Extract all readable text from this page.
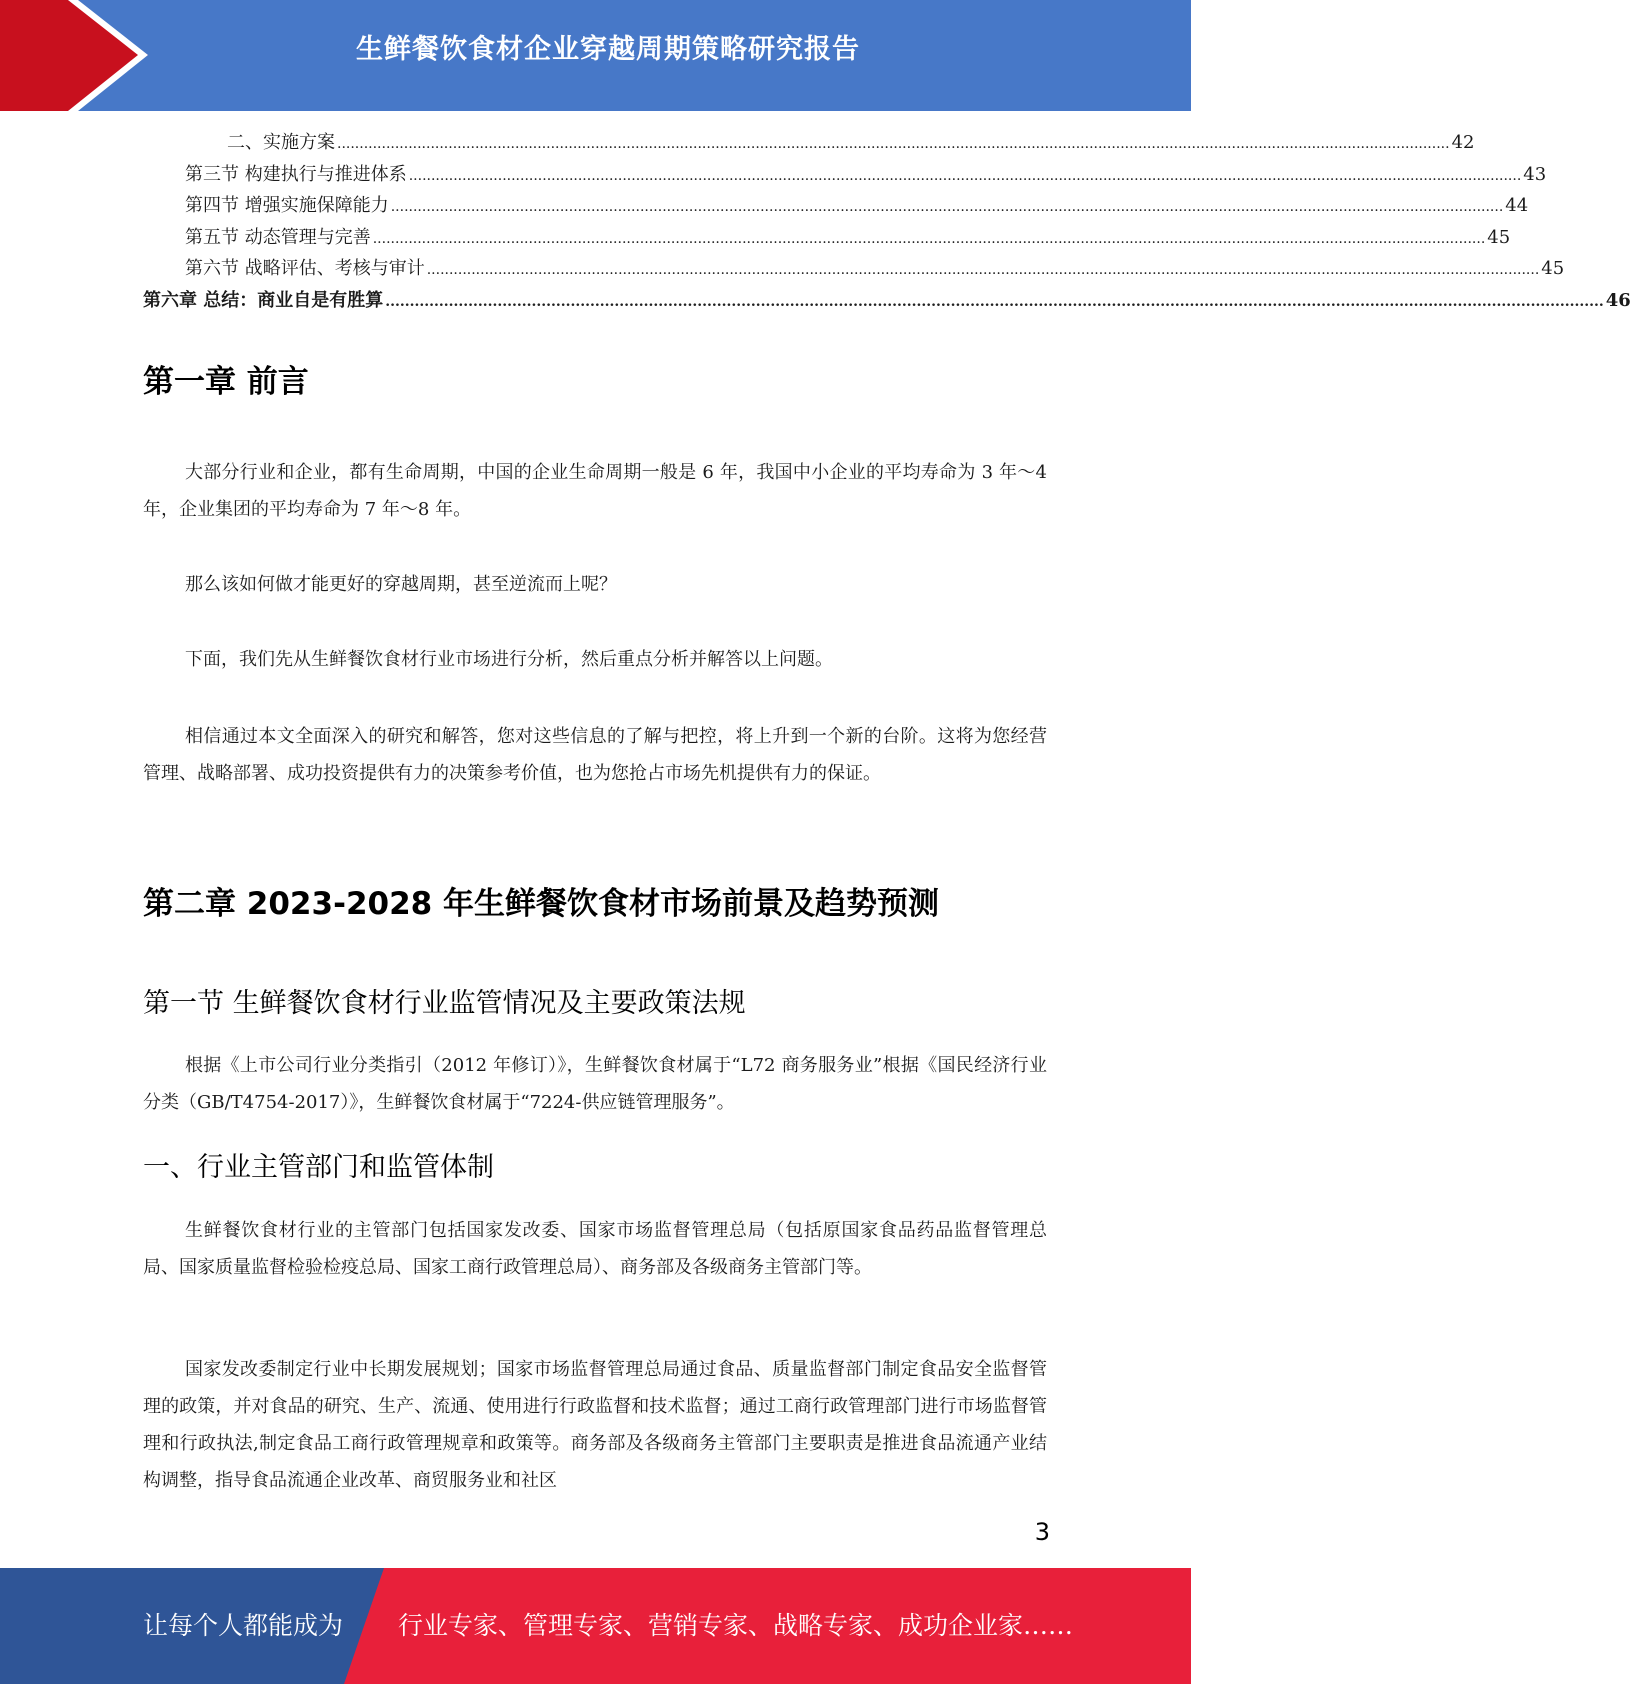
生鲜餐饮食材企业穿越周期策略研究报告
二、实施方案 .......................................................................................................................................................................................................................................................... 42
第三节 构建执行与推进体系 .......................................................................................................................................................................................................................................................... 43
第四节 增强实施保障能力 .......................................................................................................................................................................................................................................................... 44
第五节 动态管理与完善 .......................................................................................................................................................................................................................................................... 45
第六节 战略评估、考核与审计 .......................................................................................................................................................................................................................................................... 45
第六章 总结：商业自是有胜算 .......................................................................................................................................................................................................................................................... 46
第一章 前言

大部分行业和企业，都有生命周期，中国的企业生命周期一般是 6 年，我国中小企业的平均寿命为 3 年～4 年，企业集团的平均寿命为 7 年～8 年。

那么该如何做才能更好的穿越周期，甚至逆流而上呢？

下面，我们先从生鲜餐饮食材行业市场进行分析，然后重点分析并解答以上问题。

相信通过本文全面深入的研究和解答，您对这些信息的了解与把控，将上升到一个新的台阶。这将为您经营管理、战略部署、成功投资提供有力的决策参考价值，也为您抢占市场先机提供有力的保证。

第二章 2023-2028 年生鲜餐饮食材市场前景及趋势预测
第一节 生鲜餐饮食材行业监管情况及主要政策法规

根据《上市公司行业分类指引（2012 年修订）》，生鲜餐饮食材属于“L72 商务服务业”根据《国民经济行业分类（GB/T4754-2017）》，生鲜餐饮食材属于“7224-供应链管理服务”。

一、行业主管部门和监管体制

生鲜餐饮食材行业的主管部门包括国家发改委、国家市场监督管理总局（包括原国家食品药品监督管理总局、国家质量监督检验检疫总局、国家工商行政管理总局）、商务部及各级商务主管部门等。

国家发改委制定行业中长期发展规划；国家市场监督管理总局通过食品、质量监督部门制定食品安全监督管理的政策，并对食品的研究、生产、流通、使用进行行政监督和技术监督；通过工商行政管理部门进行市场监督管理和行政执法,制定食品工商行政管理规章和政策等。商务部及各级商务主管部门主要职责是推进食品流通产业结构调整，指导食品流通企业改革、商贸服务业和社区

3
让每个人都能成为 行业专家、管理专家、营销专家、战略专家、成功企业家……
